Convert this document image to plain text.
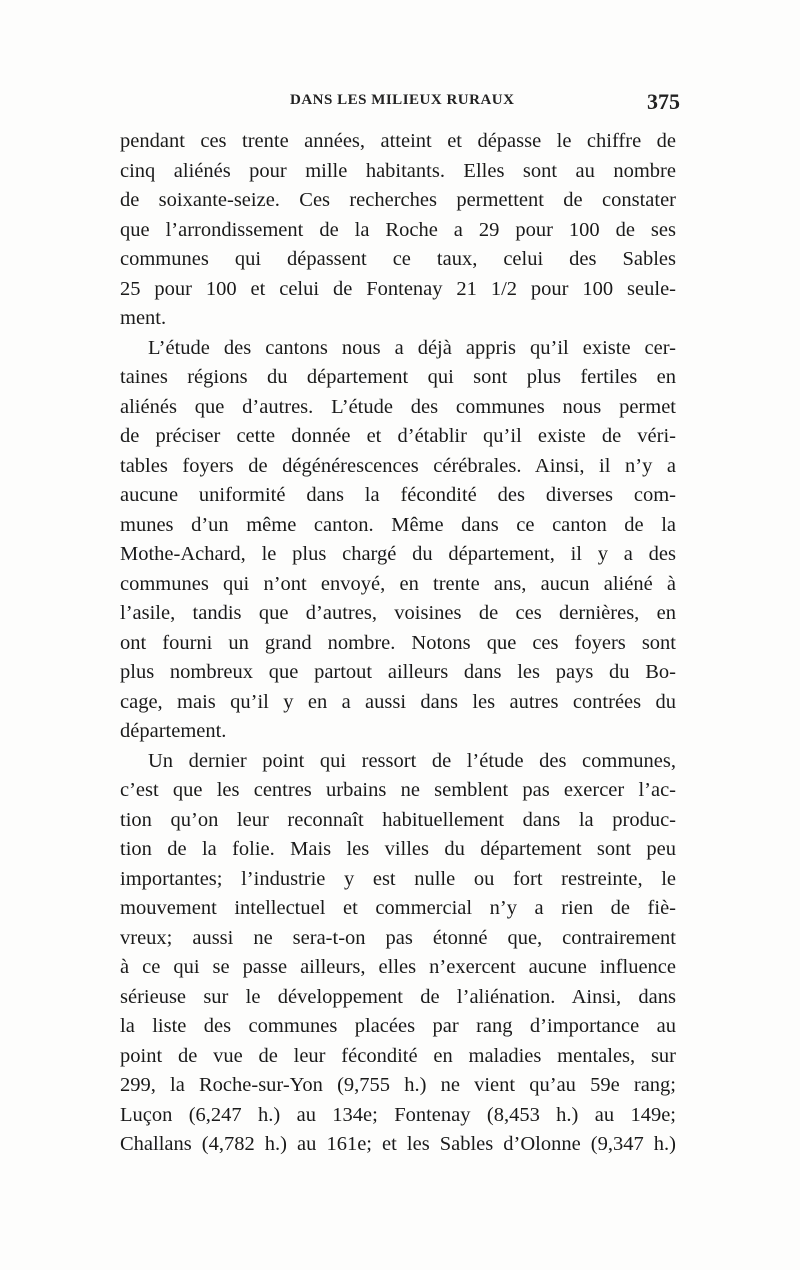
DANS LES MILIEUX RURAUX	375
pendant ces trente années, atteint et dépasse le chiffre de
cinq aliénés pour mille habitants. Elles sont au nombre
de soixante-seize. Ces recherches permettent de constater
que l’arrondissement de la Roche a 29 pour 100 de ses
communes qui dépassent ce taux, celui des Sables
25 pour 100 et celui de Fontenay 21 1/2 pour 100 seule-
ment.
L’étude des cantons nous a déjà appris qu’il existe cer-
taines régions du département qui sont plus fertiles en
aliénés que d’autres. L’étude des communes nous permet
de préciser cette donnée et d’établir qu’il existe de véri-
tables foyers de dégénérescences cérébrales. Ainsi, il n’y a
aucune uniformité dans la fécondité des diverses com-
munes d’un même canton. Même dans ce canton de la
Mothe-Achard, le plus chargé du département, il y a des
communes qui n’ont envoyé, en trente ans, aucun aliéné à
l’asile, tandis que d’autres, voisines de ces dernières, en
ont fourni un grand nombre. Notons que ces foyers sont
plus nombreux que partout ailleurs dans les pays du Bo-
cage, mais qu’il y en a aussi dans les autres contrées du
département.
Un dernier point qui ressort de l’étude des communes,
c’est que les centres urbains ne semblent pas exercer l’ac-
tion qu’on leur reconnaît habituellement dans la produc-
tion de la folie. Mais les villes du département sont peu
importantes; l’industrie y est nulle ou fort restreinte, le
mouvement intellectuel et commercial n’y a rien de fiè-
vreux; aussi ne sera-t-on pas étonné que, contrairement
à ce qui se passe ailleurs, elles n’exercent aucune influence
sérieuse sur le développement de l’aliénation. Ainsi, dans
la liste des communes placées par rang d’importance au
point de vue de leur fécondité en maladies mentales, sur
299, la Roche-sur-Yon (9,755 h.) ne vient qu’au 59e rang;
Luçon (6,247 h.) au 134e; Fontenay (8,453 h.) au 149e;
Challans (4,782 h.) au 161e; et les Sables d’Olonne (9,347 h.)
